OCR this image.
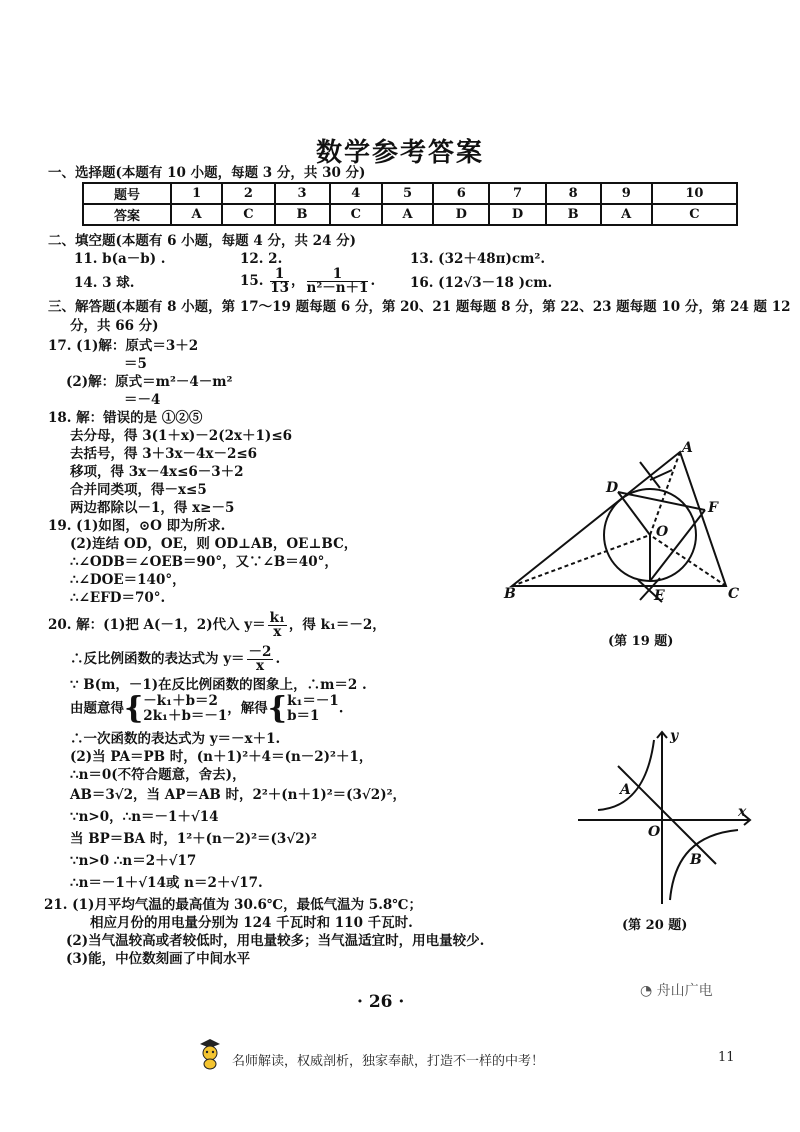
数学参考答案
一、选择题(本题有 10 小题，每题 3 分，共 30 分)
题号	1	2	3	4	5	6	7	8	9	10
答案	A	C	B	C	A	D	D	B	A	C
二、填空题(本题有 6 小题，每题 4 分，共 24 分)
11. b(a－b) .	12. 2.	13. (32＋48π)cm².
14. 3 球.	15. $\frac{1}{13}$ ， $\frac{1}{\text{n²－n＋1}}$ .	16. (12√3－18 )cm.
三、解答题(本题有 8 小题，第 17～19 题每题 6 分，第 20、21 题每题 8 分，第 22、23 题每题 10 分，第 24 题 12
分，共 66 分)
17. (1)解：原式＝3＋2
＝5
(2)解：原式＝m²－4－m²
＝－4
18. 解：错误的是 ①②⑤
去分母，得 3(1＋x)－2(2x＋1)≤6
去括号，得 3＋3x－4x－2≤6
移项，得 3x－4x≤6－3＋2
合并同类项，得－x≤5
两边都除以－1，得 x≥－5
19. (1)如图，⊙O 即为所求.
(2)连结 OD，OE，则 OD⊥AB，OE⊥BC，
∴∠ODB＝∠OEB＝90°，又∵∠B＝40°，
∴∠DOE＝140°，
∴∠EFD＝70°.
20. 解：(1)把 A(－1，2)代入 $y= \frac{\text{k₁}}{x}$ ，得 k₁＝－2，
∴反比例函数的表达式为 $y= \frac{-2}{x}$ .
∵ B(m，－1)在反比例函数的图象上，∴m＝2 .
由题意得{ －k₁＋b＝2
2k₁＋b＝－1 ，解得{ k₁＝－1
b＝1	.
∴一次函数的表达式为 y＝－x＋1.
(2)当 PA＝PB 时，(n＋1)²＋4＝(n－2)²＋1，
∴n＝0(不符合题意，舍去)，
AB＝3√2，当 AP＝AB 时，2²＋(n＋1)²＝(3√2)²，
∵n>0，∴n＝－1＋√14
当 BP＝BA 时，1²＋(n－2)²＝(3√2)²
∵n>0 ∴n＝2＋√17
∴n＝－1＋√14或 n＝2＋√17.
21. (1)月平均气温的最高值为 30.6℃，最低气温为 5.8℃；
相应月份的用电量分别为 124 千瓦时和 110 千瓦时.
(2)当气温较高或者较低时，用电量较多；当气温适宜时，用电量较少.
(3)能，中位数刻画了中间水平
A
B	C
D
E
F
O
(第 19 题)
y
x
O
A
B
(第 20 题)
· 26 ·
◔ 舟山广电
名师解读，权威剖析，独家奉献，打造不一样的中考！	11
